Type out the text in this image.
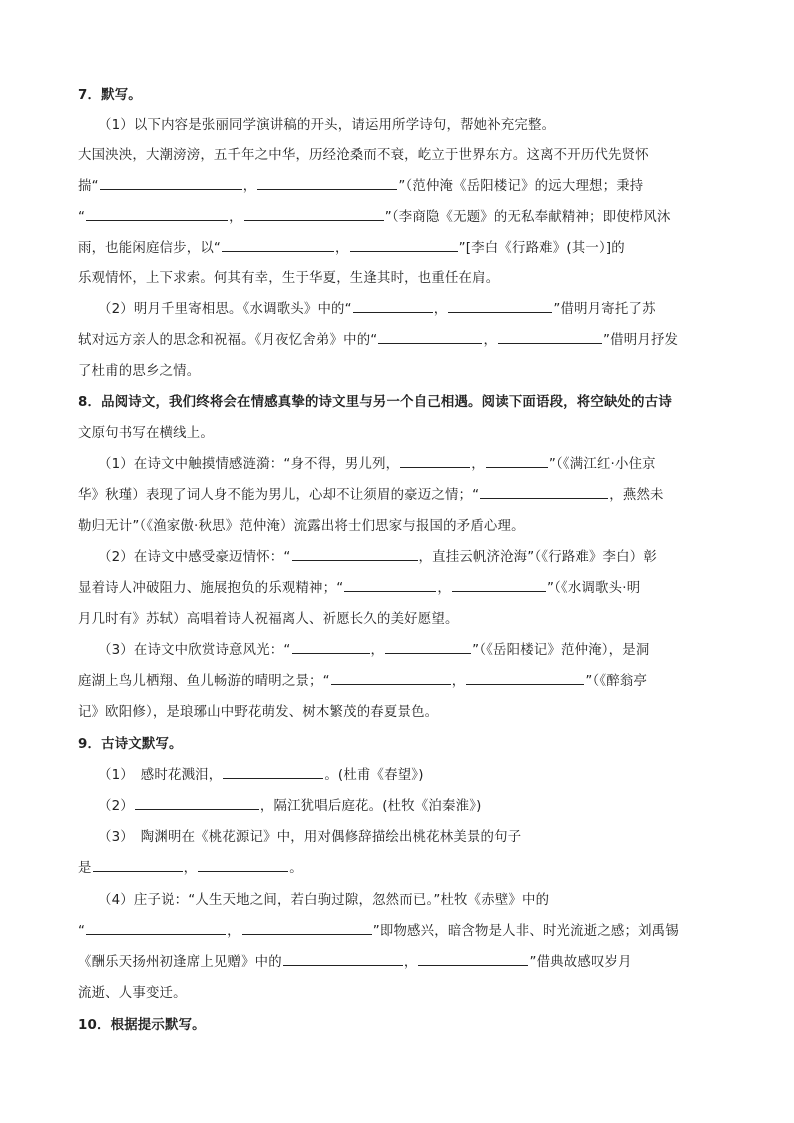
7．默写。
（1）以下内容是张丽同学演讲稿的开头，请运用所学诗句，帮她补充完整。
大国泱泱，大潮滂滂，五千年之中华，历经沧桑而不衰，屹立于世界东方。这离不开历代先贤怀
揣“	，	”（范仲淹《岳阳楼记》的远大理想；秉持
“	，	”（李商隐《无题》的无私奉献精神；即使栉风沐
雨，也能闲庭信步，以“	，	”[李白《行路难》(其一）]的
乐观情怀，上下求索。何其有幸，生于华夏，生逢其时，也重任在肩。
（2）明月千里寄相思。《水调歌头》中的“	，	”借明月寄托了苏
轼对远方亲人的思念和祝福。《月夜忆舍弟》中的“	，	”借明月抒发
了杜甫的思乡之情。
8．品阅诗文，我们终将会在情感真挚的诗文里与另一个自己相遇。阅读下面语段，将空缺处的古诗
文原句书写在横线上。
（1）在诗文中触摸情感涟漪：“身不得，男儿列，	，	”（《满江红·小住京
华》秋瑾）表现了词人身不能为男儿，心却不让须眉的豪迈之情；“	，燕然未
勒归无计”（《渔家傲·秋思》范仲淹）流露出将士们思家与报国的矛盾心理。
（2）在诗文中感受豪迈情怀：“	，直挂云帆济沧海”（《行路难》李白）彰
显着诗人冲破阻力、施展抱负的乐观精神；“	，	”（《水调歌头·明
月几时有》苏轼）高唱着诗人祝福离人、祈愿长久的美好愿望。
（3）在诗文中欣赏诗意风光：“	，	”（《岳阳楼记》范仲淹），是洞
庭湖上鸟儿栖翔、鱼儿畅游的晴明之景；“	，	”（《醉翁亭
记》欧阳修），是琅琊山中野花萌发、树木繁茂的春夏景色。
9．古诗文默写。
（1）　感时花溅泪，	。(杜甫《春望》)
（2）	，隔江犹唱后庭花。(杜牧《泊秦淮》)
（3）　陶渊明在《桃花源记》中，用对偶修辞描绘出桃花林美景的句子
是	，	。
（4）庄子说：“人生天地之间，若白驹过隙，忽然而已。”杜牧《赤壁》中的
“	，	”即物感兴，暗含物是人非、时光流逝之感；刘禹锡
《酬乐天扬州初逢席上见赠》中的	，	”借典故感叹岁月
流逝、人事变迁。
10．根据提示默写。
